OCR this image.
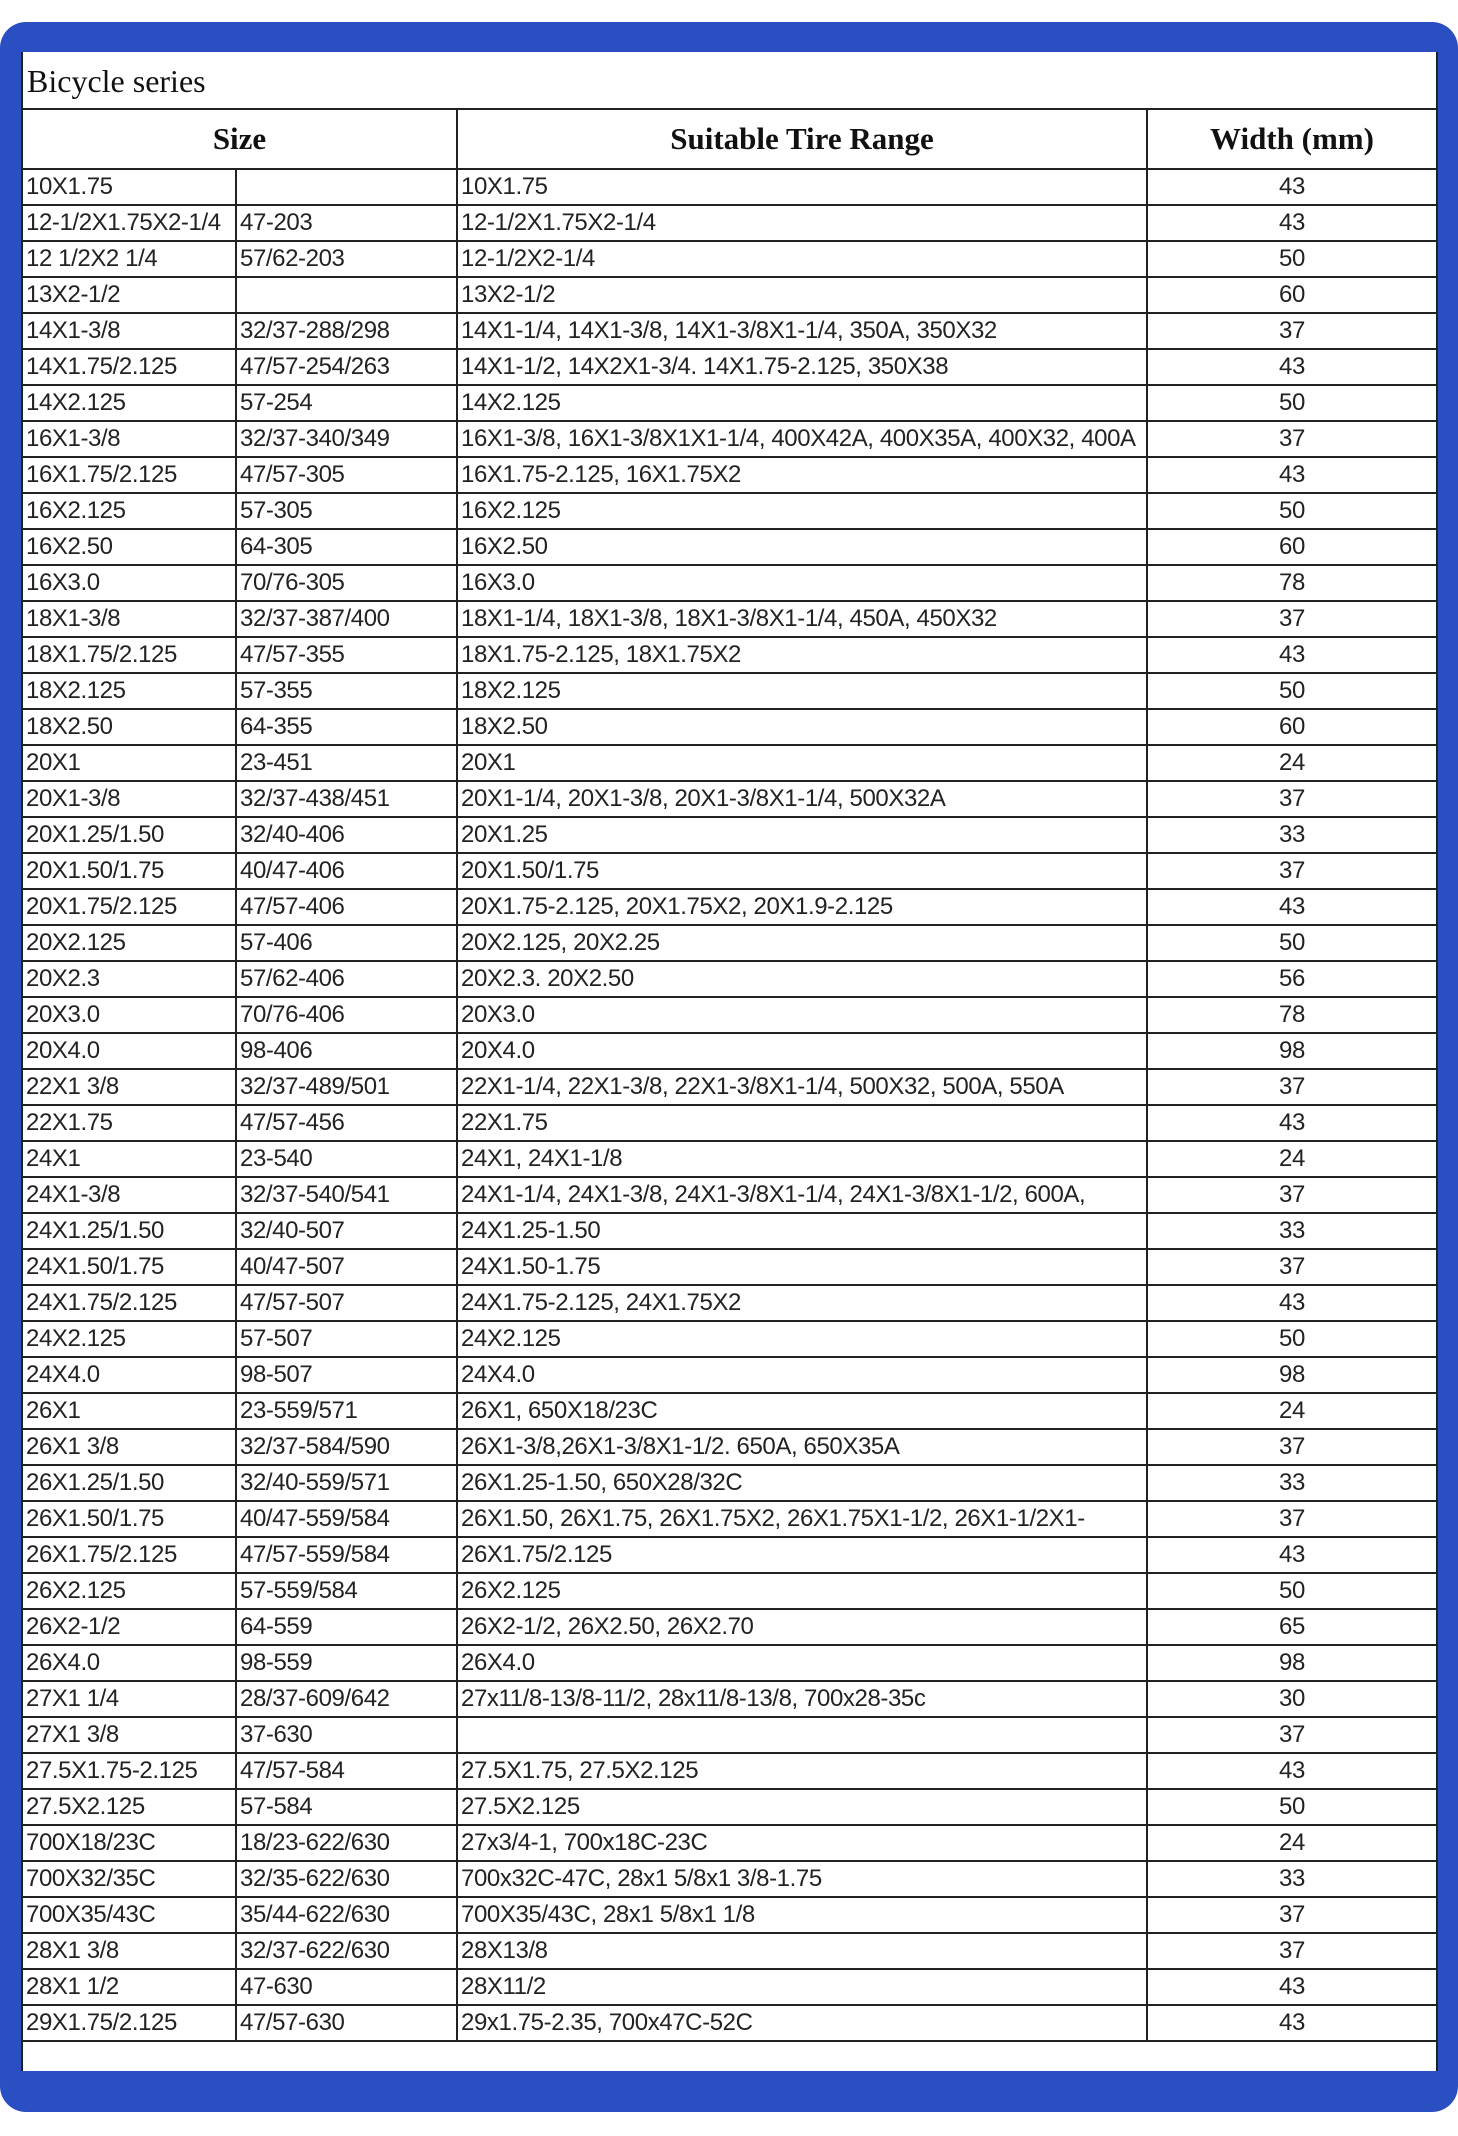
Bicycle series
Size		Suitable Tire Range	Width (mm)
10X1.75		10X1.75	43
12-1/2X1.75X2-1/4	47-203	12-1/2X1.75X2-1/4	43
12 1/2X2 1/4	57/62-203	12-1/2X2-1/4	50
13X2-1/2		13X2-1/2	60
14X1-3/8	32/37-288/298	14X1-1/4, 14X1-3/8, 14X1-3/8X1-1/4, 350A, 350X32	37
14X1.75/2.125	47/57-254/263	14X1-1/2, 14X2X1-3/4. 14X1.75-2.125, 350X38	43
14X2.125	57-254	14X2.125	50
16X1-3/8	32/37-340/349	16X1-3/8, 16X1-3/8X1X1-1/4, 400X42A, 400X35A, 400X32, 400A	37
16X1.75/2.125	47/57-305	16X1.75-2.125, 16X1.75X2	43
16X2.125	57-305	16X2.125	50
16X2.50	64-305	16X2.50	60
16X3.0	70/76-305	16X3.0	78
18X1-3/8	32/37-387/400	18X1-1/4, 18X1-3/8, 18X1-3/8X1-1/4, 450A, 450X32	37
18X1.75/2.125	47/57-355	18X1.75-2.125, 18X1.75X2	43
18X2.125	57-355	18X2.125	50
18X2.50	64-355	18X2.50	60
20X1	23-451	20X1	24
20X1-3/8	32/37-438/451	20X1-1/4, 20X1-3/8, 20X1-3/8X1-1/4, 500X32A	37
20X1.25/1.50	32/40-406	20X1.25	33
20X1.50/1.75	40/47-406	20X1.50/1.75	37
20X1.75/2.125	47/57-406	20X1.75-2.125, 20X1.75X2, 20X1.9-2.125	43
20X2.125	57-406	20X2.125, 20X2.25	50
20X2.3	57/62-406	20X2.3. 20X2.50	56
20X3.0	70/76-406	20X3.0	78
20X4.0	98-406	20X4.0	98
22X1 3/8	32/37-489/501	22X1-1/4, 22X1-3/8, 22X1-3/8X1-1/4, 500X32, 500A, 550A	37
22X1.75	47/57-456	22X1.75	43
24X1	23-540	24X1, 24X1-1/8	24
24X1-3/8	32/37-540/541	24X1-1/4, 24X1-3/8, 24X1-3/8X1-1/4, 24X1-3/8X1-1/2, 600A,	37
24X1.25/1.50	32/40-507	24X1.25-1.50	33
24X1.50/1.75	40/47-507	24X1.50-1.75	37
24X1.75/2.125	47/57-507	24X1.75-2.125, 24X1.75X2	43
24X2.125	57-507	24X2.125	50
24X4.0	98-507	24X4.0	98
26X1	23-559/571	26X1, 650X18/23C	24
26X1 3/8	32/37-584/590	26X1-3/8,26X1-3/8X1-1/2. 650A, 650X35A	37
26X1.25/1.50	32/40-559/571	26X1.25-1.50, 650X28/32C	33
26X1.50/1.75	40/47-559/584	26X1.50, 26X1.75, 26X1.75X2, 26X1.75X1-1/2, 26X1-1/2X1-	37
26X1.75/2.125	47/57-559/584	26X1.75/2.125	43
26X2.125	57-559/584	26X2.125	50
26X2-1/2	64-559	26X2-1/2, 26X2.50, 26X2.70	65
26X4.0	98-559	26X4.0	98
27X1 1/4	28/37-609/642	27x11/8-13/8-11/2, 28x11/8-13/8, 700x28-35c	30
27X1 3/8	37-630		37
27.5X1.75-2.125	47/57-584	27.5X1.75, 27.5X2.125	43
27.5X2.125	57-584	27.5X2.125	50
700X18/23C	18/23-622/630	27x3/4-1, 700x18C-23C	24
700X32/35C	32/35-622/630	700x32C-47C, 28x1 5/8x1 3/8-1.75	33
700X35/43C	35/44-622/630	700X35/43C, 28x1 5/8x1 1/8	37
28X1 3/8	32/37-622/630	28X13/8	37
28X1 1/2	47-630	28X11/2	43
29X1.75/2.125	47/57-630	29x1.75-2.35, 700x47C-52C	43
